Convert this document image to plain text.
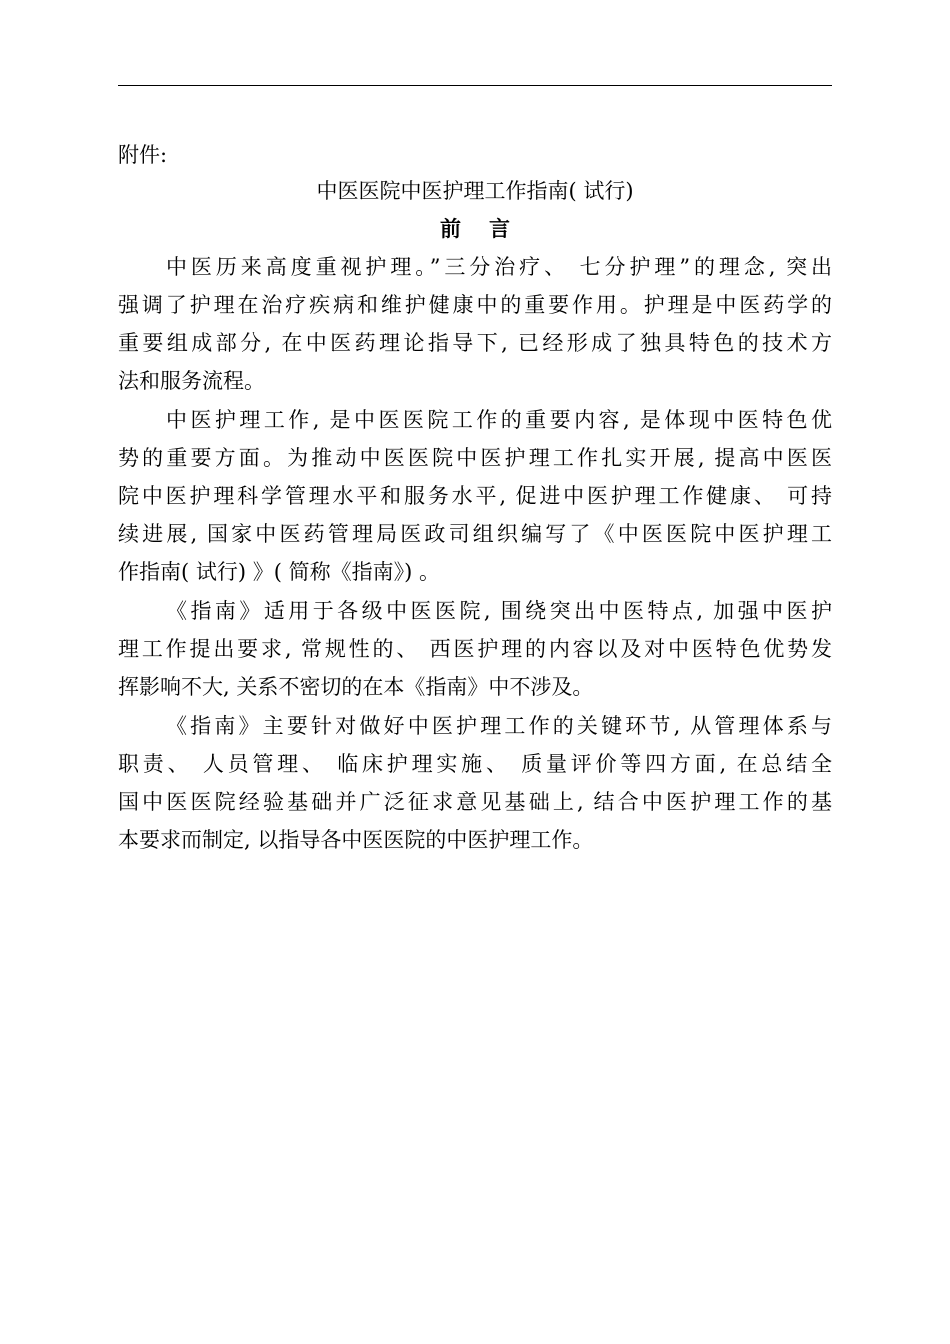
附件:
中医医院中医护理工作指南( 试行)
前言
中医历来高度重视护理。”三分治疗、 七分护理”的理念, 突出
强调了护理在治疗疾病和维护健康中的重要作用。护理是中医药学的
重要组成部分, 在中医药理论指导下, 已经形成了独具特色的技术方
法和服务流程。
中医护理工作, 是中医医院工作的重要内容, 是体现中医特色优
势的重要方面。为推动中医医院中医护理工作扎实开展, 提高中医医
院中医护理科学管理水平和服务水平, 促进中医护理工作健康、 可持
续进展, 国家中医药管理局医政司组织编写了《中医医院中医护理工
作指南( 试行) 》( 简称《指南》) 。
《指南》适用于各级中医医院, 围绕突出中医特点, 加强中医护
理工作提出要求, 常规性的、 西医护理的内容以及对中医特色优势发
挥影响不大, 关系不密切的在本《指南》中不涉及。
《指南》主要针对做好中医护理工作的关键环节, 从管理体系与
职责、 人员管理、 临床护理实施、 质量评价等四方面, 在总结全
国中医医院经验基础并广泛征求意见基础上, 结合中医护理工作的基
本要求而制定, 以指导各中医医院的中医护理工作。
